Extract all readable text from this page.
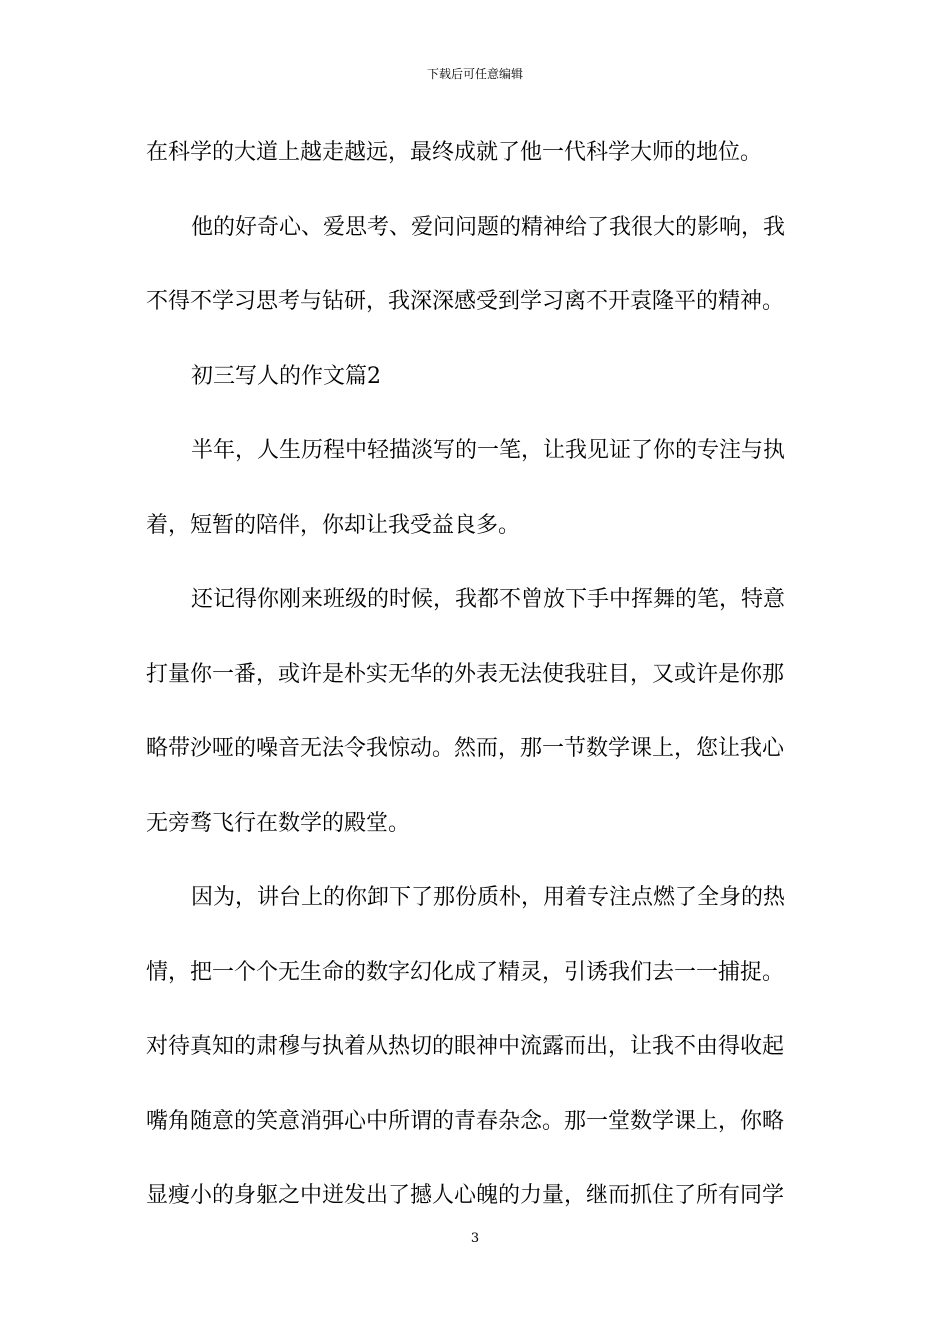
下载后可任意编辑
在科学的大道上越走越远，最终成就了他一代科学大师的地位。
他的好奇心、爱思考、爱问问题的精神给了我很大的影响，我
不得不学习思考与钻研，我深深感受到学习离不开袁隆平的精神。
初三写人的作文篇2
半年，人生历程中轻描淡写的一笔，让我见证了你的专注与执
着，短暂的陪伴，你却让我受益良多。
还记得你刚来班级的时候，我都不曾放下手中挥舞的笔，特意
打量你一番，或许是朴实无华的外表无法使我驻目，又或许是你那
略带沙哑的噪音无法令我惊动。然而，那一节数学课上，您让我心
无旁骛飞行在数学的殿堂。
因为，讲台上的你卸下了那份质朴，用着专注点燃了全身的热
情，把一个个无生命的数字幻化成了精灵，引诱我们去一一捕捉。
对待真知的肃穆与执着从热切的眼神中流露而出，让我不由得收起
嘴角随意的笑意消弭心中所谓的青春杂念。那一堂数学课上，你略
显瘦小的身躯之中迸发出了撼人心魄的力量，继而抓住了所有同学
3
